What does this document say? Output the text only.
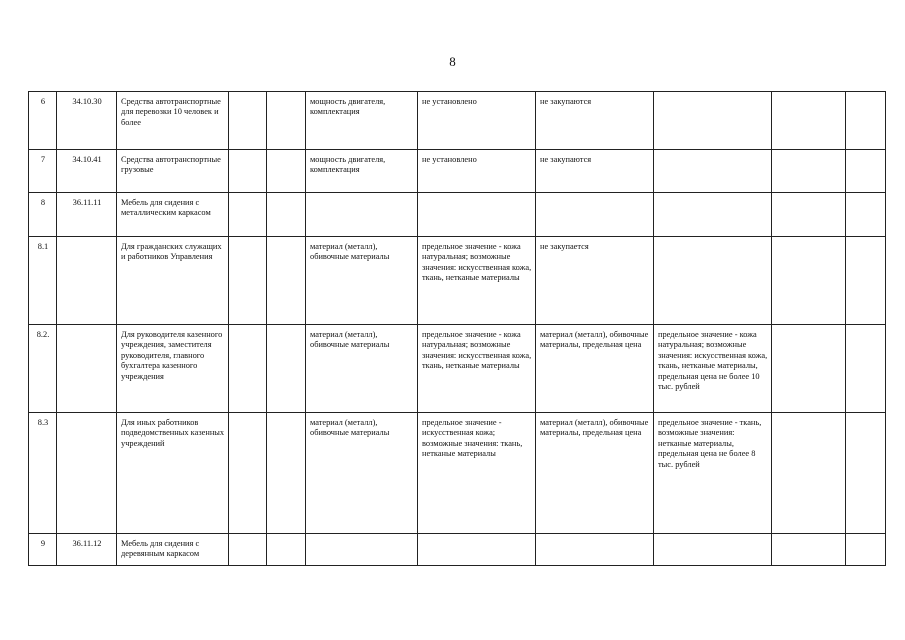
8
6	34.10.30	Средства автотранспортные для перевозки 10 человек и более			мощность двигателя, комплектация	не установлено	не закупаются			
7	34.10.41	Средства автотранспортные грузовые			мощность двигателя, комплектация	не установлено	не закупаются			
8	36.11.11	Мебель для сидения с металлическим каркасом								
8.1		Для гражданских служащих и работников Управления			материал (металл), обивочные материалы	предельное значение - кожа натуральная; возможные значения: искусственная кожа, ткань, нетканые материалы	не закупается			
8.2.		Для руководителя казенного учреждения, заместителя руководителя, главного бухгалтера казенного учреждения			материал (металл), обивочные материалы	предельное значение - кожа натуральная; возможные значения: искусственная кожа, ткань, нетканые материалы	материал (металл), обивочные материалы, предельная цена	предельное значение - кожа натуральная; возможные значения: искусственная кожа, ткань, нетканые материалы, предельная цена не более 10 тыс. рублей		
8.3		Для иных работников подведомственных казенных учреждений			материал (металл), обивочные материалы	предельное значение - искусственная кожа; возможные значения: ткань, нетканые материалы	материал (металл), обивочные материалы, предельная цена	предельное значение - ткань, возможные значения: нетканые материалы, предельная цена не более 8 тыс. рублей		
9	36.11.12	Мебель для сидения с деревянным каркасом								
